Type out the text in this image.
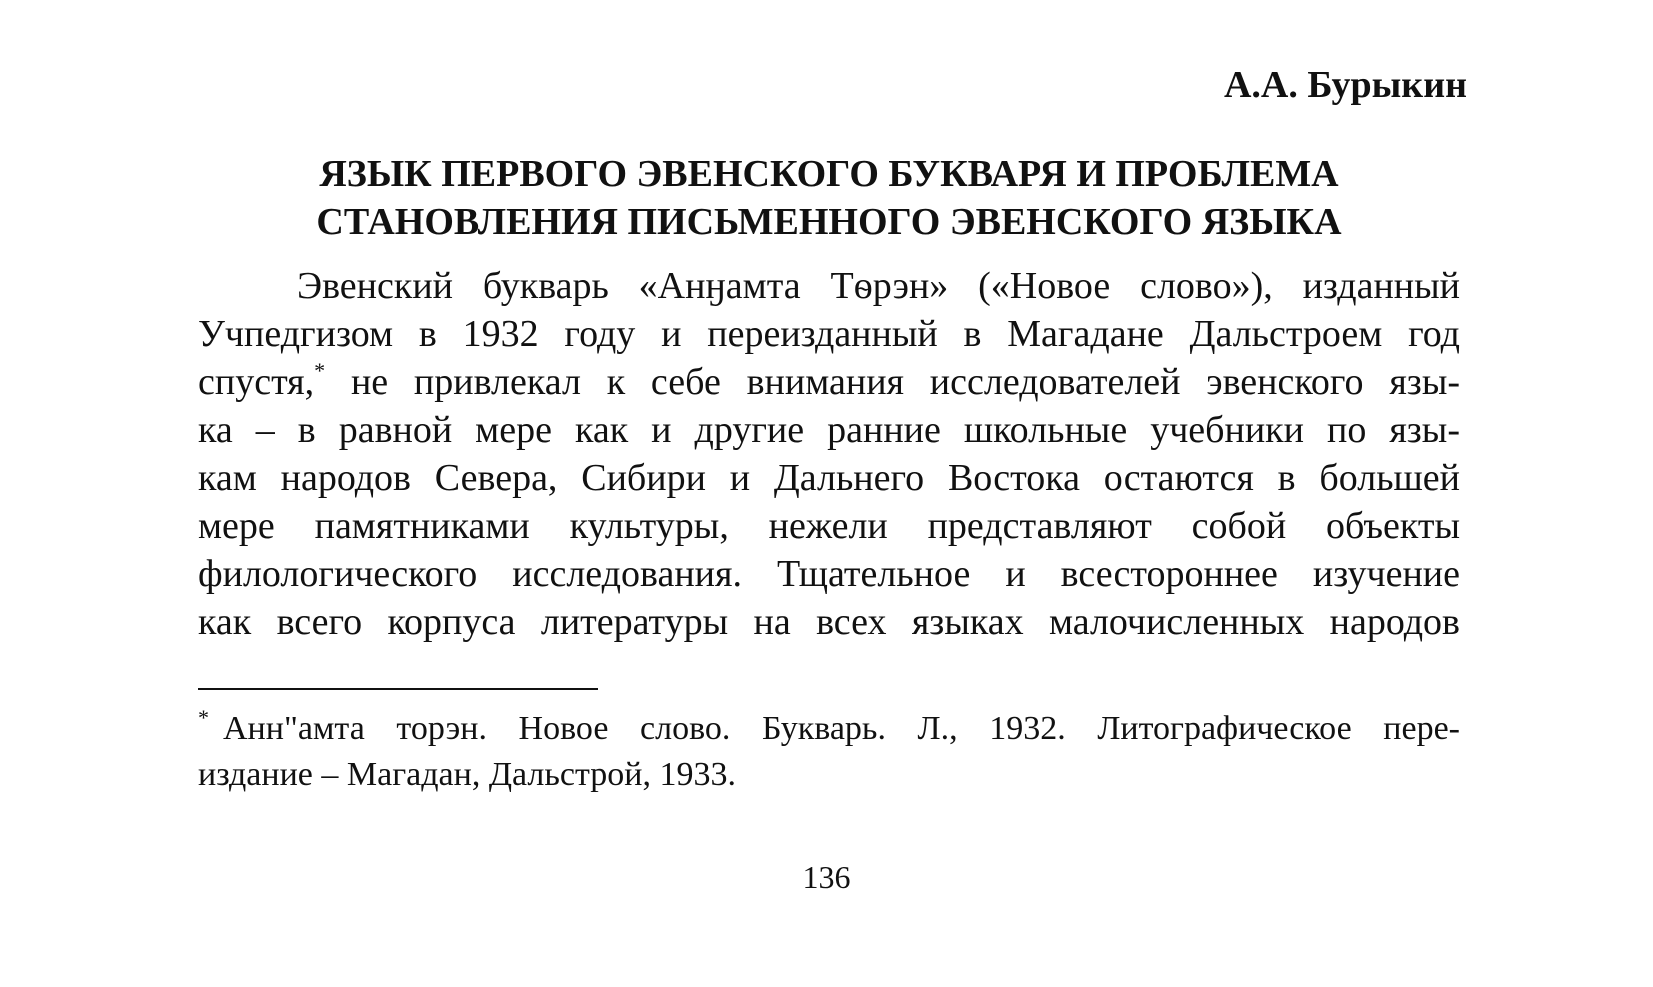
А.А. Бурыкин
ЯЗЫК ПЕРВОГО ЭВЕНСКОГО БУКВАРЯ И ПРОБЛЕМА
СТАНОВЛЕНИЯ ПИСЬМЕННОГО ЭВЕНСКОГО ЯЗЫКА
Эвенский букварь «Анӈамта Тѳрэн» («Новое слово»), изданный
Учпедгизом в 1932 году и переизданный в Магадане Дальстроем год
спустя,* не привлекал к себе внимания исследователей эвенского язы-
ка – в равной мере как и другие ранние школьные учебники по язы-
кам народов Севера, Сибири и Дальнего Востока остаются в большей
мере памятниками культуры, нежели представляют собой объекты
филологического исследования. Тщательное и всестороннее изучение
как всего корпуса литературы на всех языках малочисленных народов
* Анн"амта торэн. Новое слово. Букварь. Л., 1932. Литографическое пере-
издание – Магадан, Дальстрой, 1933.
136
